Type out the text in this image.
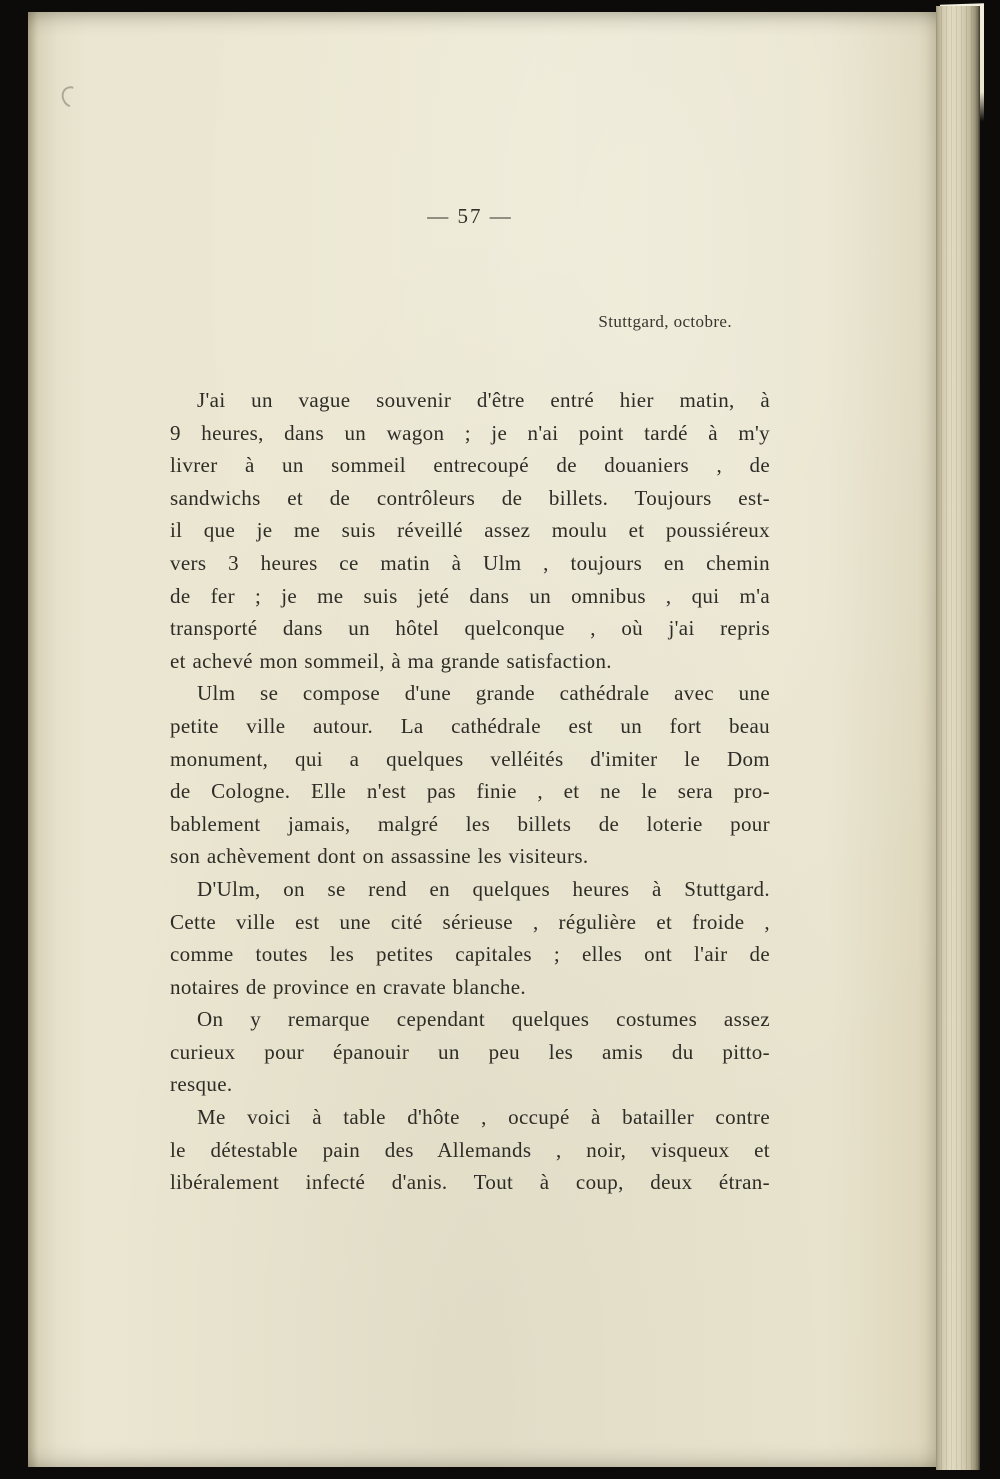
— 57 —
Stuttgard, octobre.
J'ai un vague souvenir d'être entré hier matin, à
9 heures, dans un wagon ; je n'ai point tardé à m'y
livrer à un sommeil entrecoupé de douaniers , de
sandwichs et de contrôleurs de billets. Toujours est-
il que je me suis réveillé assez moulu et poussiéreux
vers 3 heures ce matin à Ulm , toujours en chemin
de fer ; je me suis jeté dans un omnibus , qui m'a
transporté dans un hôtel quelconque , où j'ai repris
et achevé mon sommeil, à ma grande satisfaction.
Ulm se compose d'une grande cathédrale avec une
petite ville autour. La cathédrale est un fort beau
monument, qui a quelques velléités d'imiter le Dom
de Cologne. Elle n'est pas finie , et ne le sera pro-
bablement jamais, malgré les billets de loterie pour
son achèvement dont on assassine les visiteurs.
D'Ulm, on se rend en quelques heures à Stuttgard.
Cette ville est une cité sérieuse , régulière et froide ,
comme toutes les petites capitales ; elles ont l'air de
notaires de province en cravate blanche.
On y remarque cependant quelques costumes assez
curieux pour épanouir un peu les amis du pitto-
resque.
Me voici à table d'hôte , occupé à batailler contre
le détestable pain des Allemands , noir, visqueux et
libéralement infecté d'anis. Tout à coup, deux étran-
